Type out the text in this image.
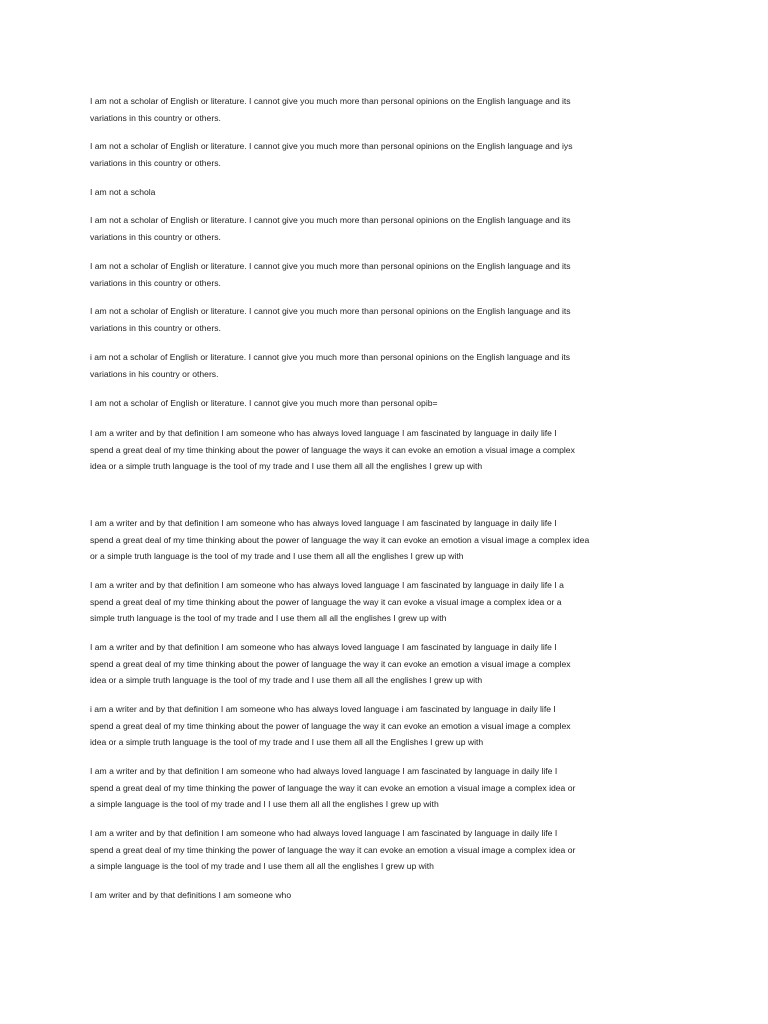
I am not a scholar of English or literature. I cannot give you much more than personal opinions on the English language and its
variations in this country or others.

I am not a scholar of English or literature. I cannot give you much more than personal opinions on the English language and iys
variations in this country or others.

I am not a schola

I am not a scholar of English or literature. I cannot give you much more than personal opinions on the English language and its
variations in this country or others.

I am not a scholar of English or literature. I cannot give you much more than personal opinions on the English language and its
variations in this country or others.

I am not a scholar of English or literature. I cannot give you much more than personal opinions on the English language and its
variations in this country or others.

i am not a scholar of English or literature. I cannot give you much more than personal opinions on the English language and its
variations in his country or others.

I am not a scholar of English or literature. I cannot give you much more than personal opib=

I am a writer and by that definition I am someone who has always loved language I am fascinated by language in daily life I
spend a great deal of my time thinking about the power of language the ways it can evoke an emotion a visual image a complex
idea or a simple truth language is the tool of my trade and I use them all all the englishes I grew up with

I am a writer and by that definition I am someone who has always loved language I am fascinated by language in daily life I
spend a great deal of my time thinking about the power of language the way it can evoke an emotion a visual image a complex idea
or a simple truth language is the tool of my trade and I use them all all the englishes I grew up with

I am a writer and by that definition I am someone who has always loved language I am fascinated by language in daily life I a
spend a great deal of my time thinking about the power of language the way it can evoke a visual image a complex idea or a
simple truth language is the tool of my trade and I use them all all the englishes I grew up with

I am a writer and by that definition I am someone who has always loved language I am fascinated by language in daily life I
spend a great deal of my time thinking about the power of language the way it can evoke an emotion a visual image a complex
idea or a simple truth language is the tool of my trade and I use them all all the englishes I grew up with

i am a writer and by that definition I am someone who has always loved language i am fascinated by language in daily life I
spend a great deal of my time thinking about the power of language the way it can evoke an emotion a visual image a complex
idea or a simple truth language is the tool of my trade and I use them all all the Englishes I grew up with

I am a writer and by that definition I am someone who had always loved language I am fascinated by language in daily life I
spend a great deal of my time thinking the power of language the way it can evoke an emotion a visual image a complex idea or
a simple language is the tool of my trade and I I use them all all the englishes I grew up with

I am a writer and by that definition I am someone who had always loved language I am fascinated by language in daily life I
spend a great deal of my time thinking the power of language the way it can evoke an emotion a visual image a complex idea or
a simple language is the tool of my trade and I use them all all the englishes I grew up with

I am writer and by that definitions I am someone who
